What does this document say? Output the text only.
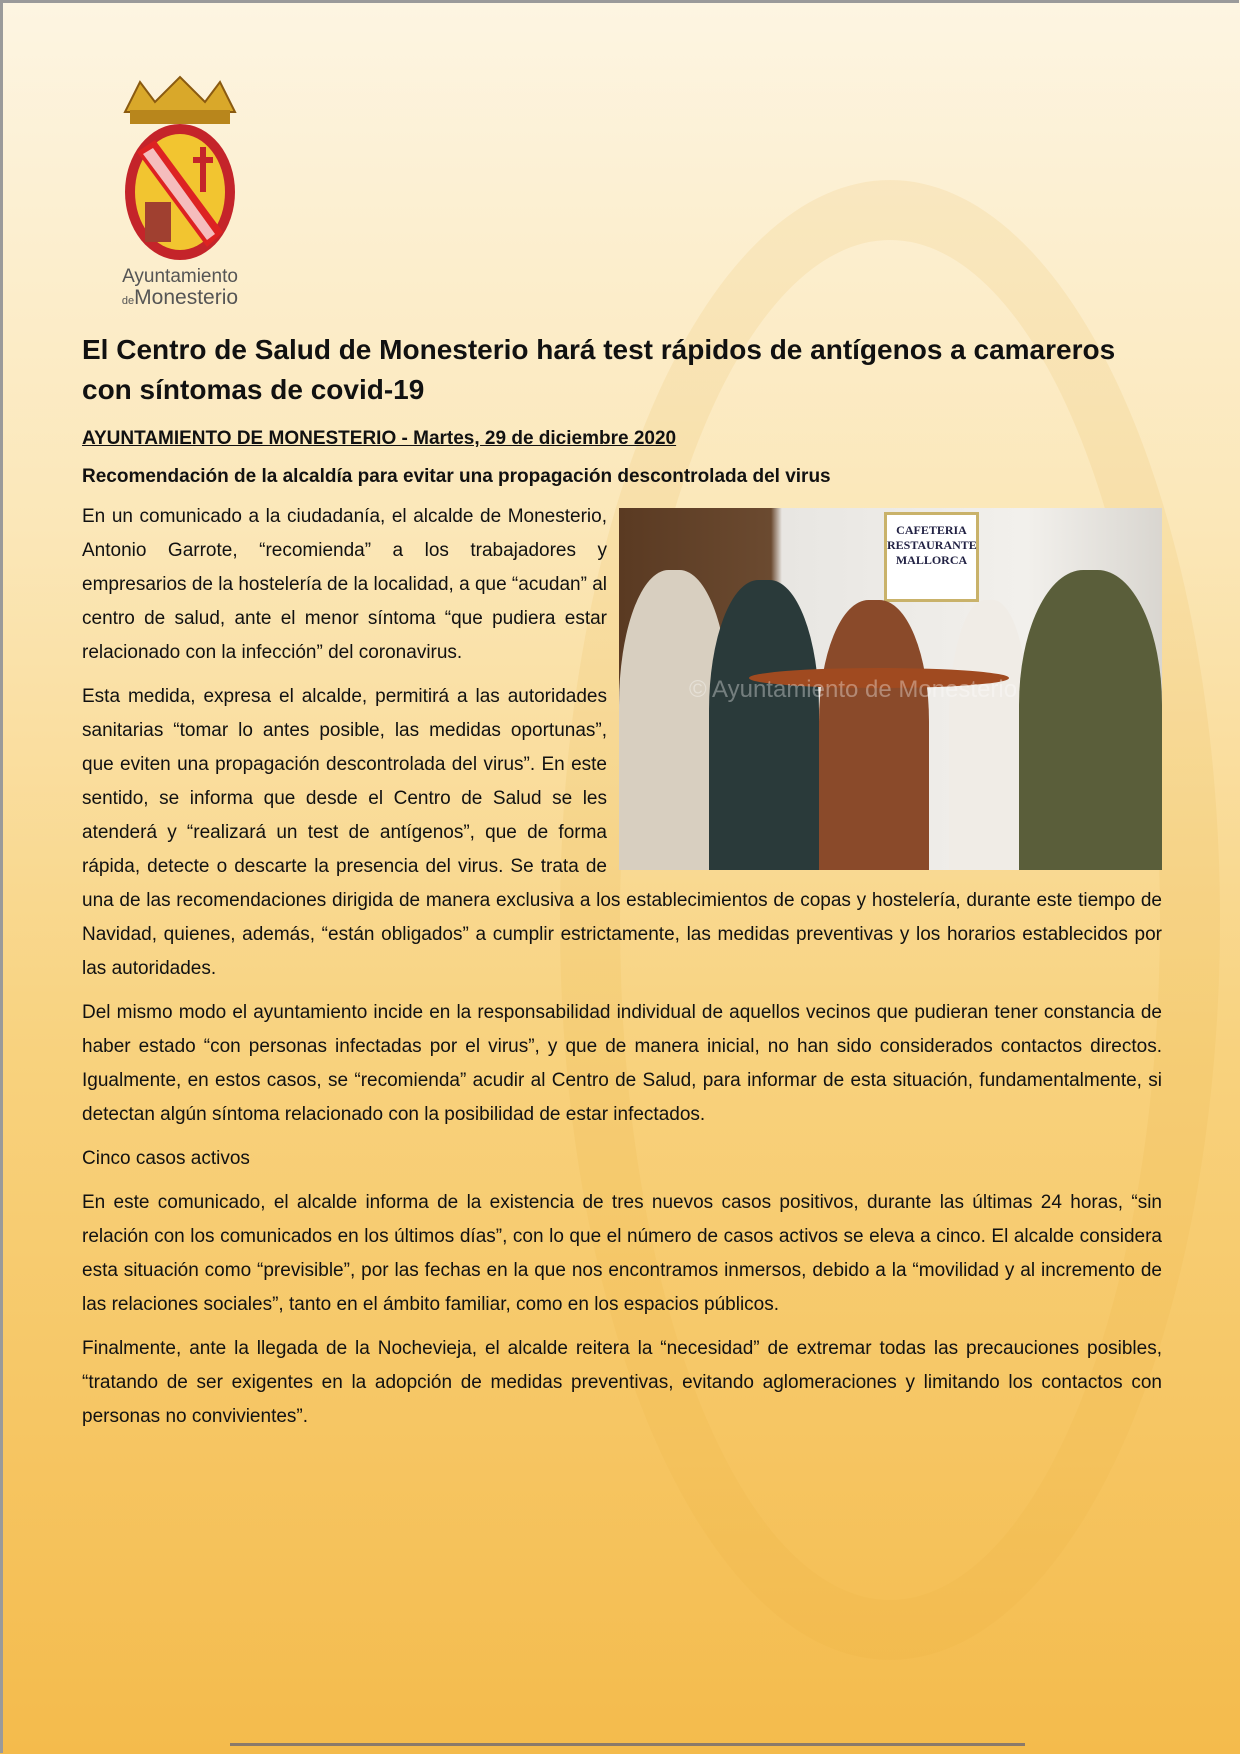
Ayuntamiento
deMonesterio
El Centro de Salud de Monesterio hará test rápidos de antígenos a camareros con síntomas de covid-19
AYUNTAMIENTO DE MONESTERIO - Martes, 29 de diciembre 2020
Recomendación de la alcaldía para evitar una propagación descontrolada del virus
CAFETERIA RESTAURANTE MALLORCA
© Ayuntamiento de Monesterio

En un comunicado a la ciudadanía, el alcalde de Monesterio, Antonio Garrote, “recomienda” a los trabajadores y empresarios de la hostelería de la localidad, a que “acudan” al centro de salud, ante el menor síntoma “que pudiera estar relacionado con la infección” del coronavirus.

Esta medida, expresa el alcalde, permitirá a las autoridades sanitarias “tomar lo antes posible, las medidas oportunas”, que eviten una propagación descontrolada del virus”. En este sentido, se informa que desde el Centro de Salud se les atenderá y “realizará un test de antígenos”, que de forma rápida, detecte o descarte la presencia del virus. Se trata de una de las recomendaciones dirigida de manera exclusiva a los establecimientos de copas y hostelería, durante este tiempo de Navidad, quienes, además, “están obligados” a cumplir estrictamente, las medidas preventivas y los horarios establecidos por las autoridades.

Del mismo modo el ayuntamiento incide en la responsabilidad individual de aquellos vecinos que pudieran tener constancia de haber estado “con personas infectadas por el virus”, y que de manera inicial, no han sido considerados contactos directos. Igualmente, en estos casos, se “recomienda” acudir al Centro de Salud, para informar de esta situación, fundamentalmente, si detectan algún síntoma relacionado con la posibilidad de estar infectados.

Cinco casos activos

En este comunicado, el alcalde informa de la existencia de tres nuevos casos positivos, durante las últimas 24 horas, “sin relación con los comunicados en los últimos días”, con lo que el número de casos activos se eleva a cinco. El alcalde considera esta situación como “previsible”, por las fechas en la que nos encontramos inmersos, debido a la “movilidad y al incremento de las relaciones sociales”, tanto en el ámbito familiar, como en los espacios públicos.

Finalmente, ante la llegada de la Nochevieja, el alcalde reitera la “necesidad” de extremar todas las precauciones posibles, “tratando de ser exigentes en la adopción de medidas preventivas, evitando aglomeraciones y limitando los contactos con personas no convivientes”.
